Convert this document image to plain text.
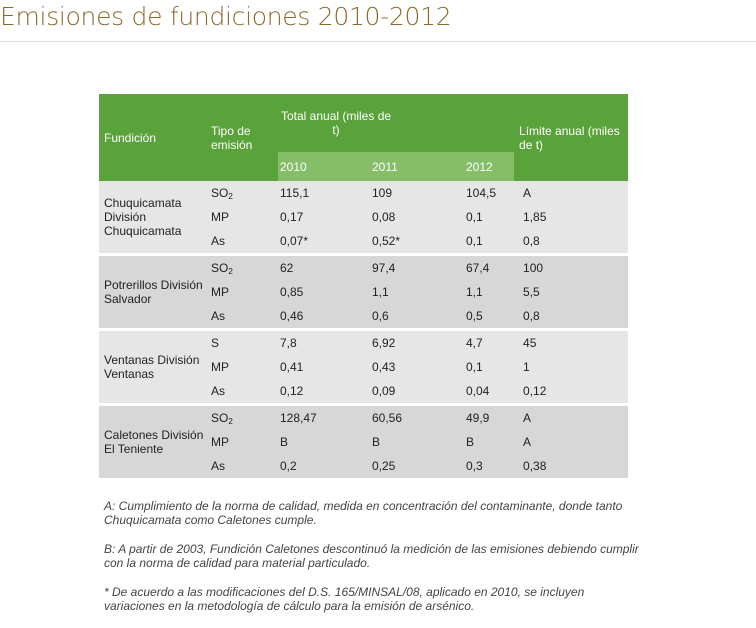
Emisiones de fundiciones 2010-2012
Fundición	Tipo de emisión	Total anual (miles de t)			Límite anual (miles de t)
		2010	2011	2012	
Chuquicamata División Chuquicamata	$SO_2$	115,1	109	104,5	A
	MP	0,17	0,08	0,1	1,85
	As	0,07*	0,52*	0,1	0,8

Potrerillos División Salvador	$SO_2$	62	97,4	67,4	100
	MP	0,85	1,1	1,1	5,5
	As	0,46	0,6	0,5	0,8

Ventanas División Ventanas	S	7,8	6,92	4,7	45
	MP	0,41	0,43	0,1	1
	As	0,12	0,09	0,04	0,12

Caletones División El Teniente	$SO_2$	128,47	60,56	49,9	A
	MP	B	B	B	A
	As	0,2	0,25	0,3	0,38

A: Cumplimiento de la norma de calidad, medida en concentración del contaminante, donde tanto Chuquicamata como Caletones cumple.

B: A partir de 2003, Fundición Caletones descontinuó la medición de las emisiones debiendo cumplir con la norma de calidad para material particulado.

* De acuerdo a las modificaciones del D.S. 165/MINSAL/08, aplicado en 2010, se incluyen variaciones en la metodología de cálculo para la emisión de arsénico.
